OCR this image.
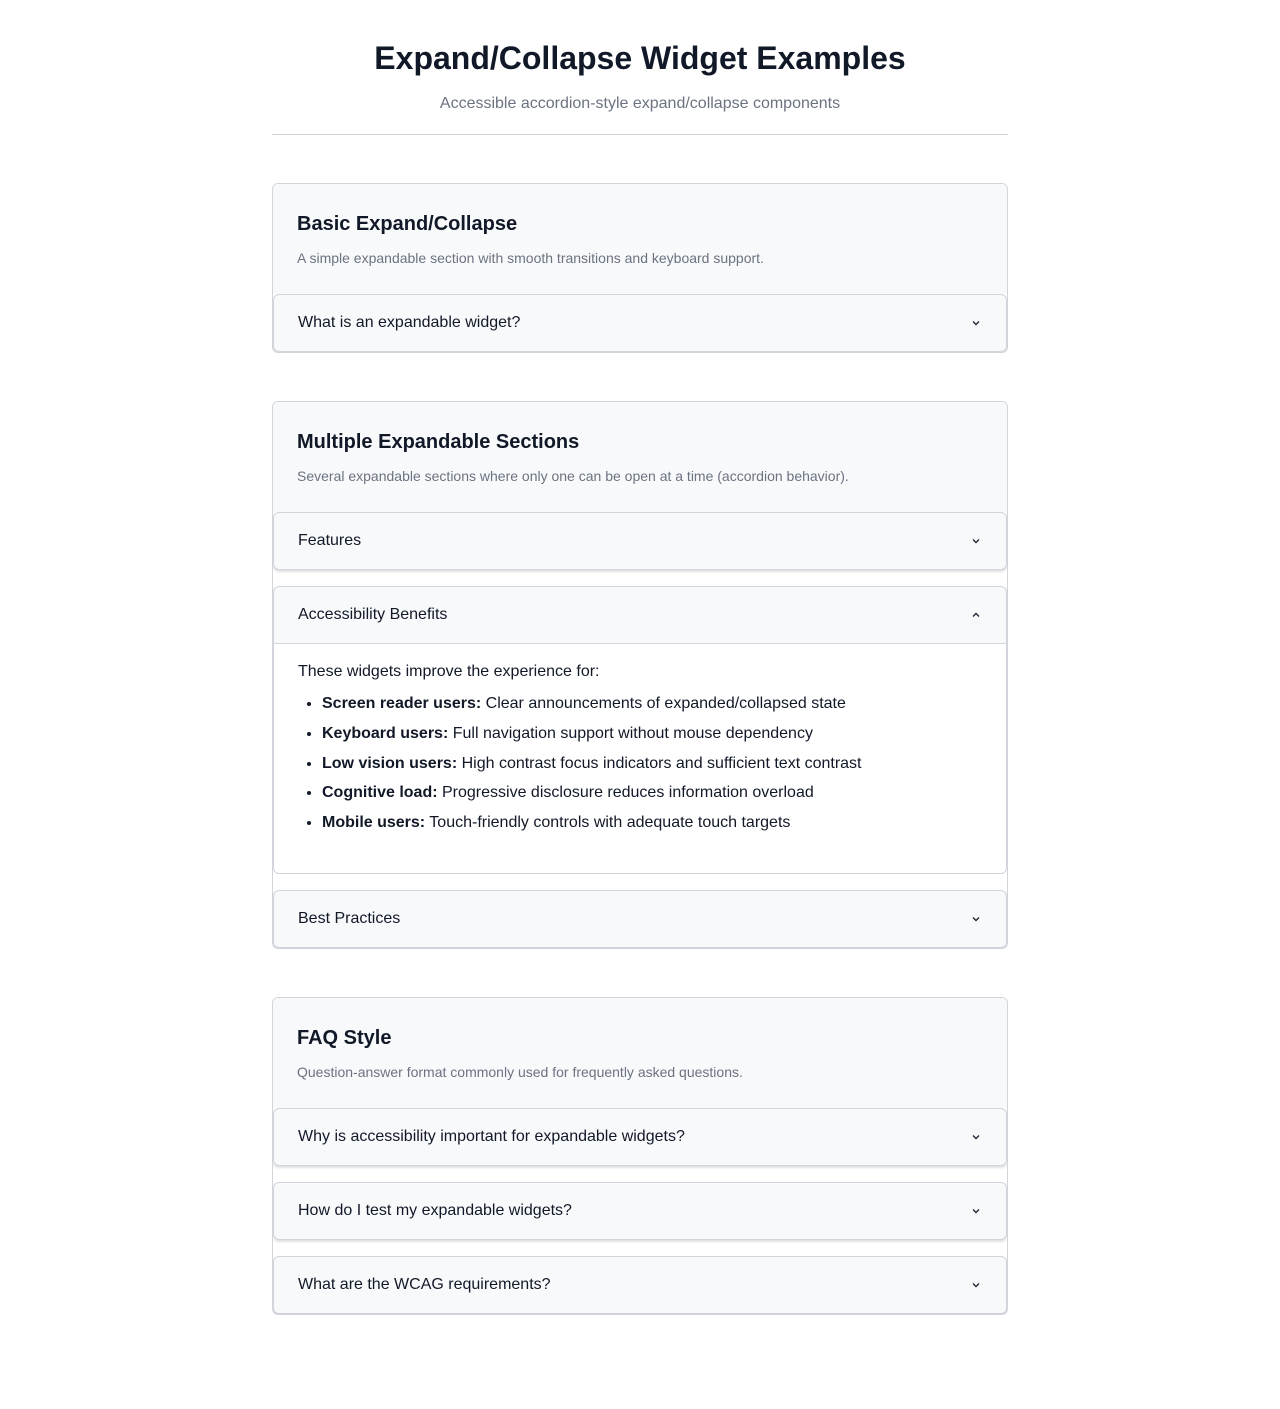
Expand/Collapse Widget Examples

Accessible accordion-style expand/collapse components

Basic Expand/Collapse

A simple expandable section with smooth transitions and keyboard support.

What is an expandable widget?
Multiple Expandable Sections

Several expandable sections where only one can be open at a time (accordion behavior).

Features
Accessibility Benefits

These widgets improve the experience for:

• Screen reader users: Clear announcements of expanded/collapsed state
• Keyboard users: Full navigation support without mouse dependency
• Low vision users: High contrast focus indicators and sufficient text contrast
• Cognitive load: Progressive disclosure reduces information overload
• Mobile users: Touch-friendly controls with adequate touch targets
Best Practices
FAQ Style

Question-answer format commonly used for frequently asked questions.

Why is accessibility important for expandable widgets?
How do I test my expandable widgets?
What are the WCAG requirements?
